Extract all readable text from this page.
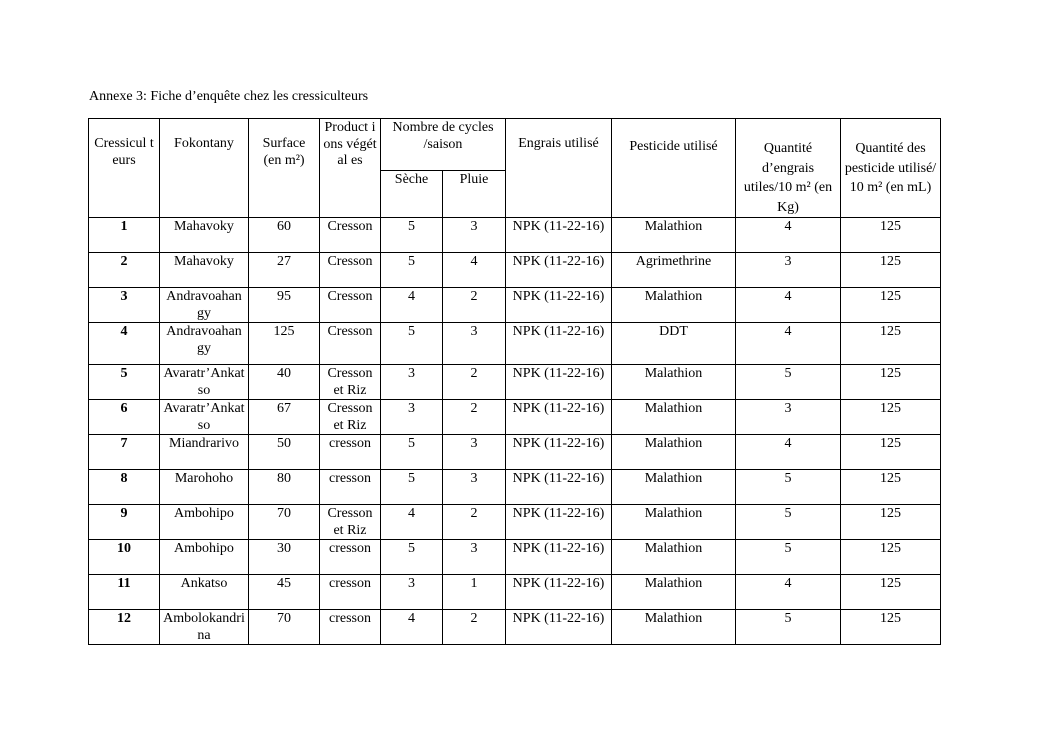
Annexe 3: Fiche d’enquête chez les cressiculteurs
Cressicul teurs	Fokontany	Surface (en m²)	Product ions végétal es	Nombre de cycles /saison		Engrais utilisé	Pesticide utilisé	Quantité d’engrais utiles/10 m² (en Kg)	Quantité des pesticide utilisé/ 10 m² (en mL)
				Sèche	Pluie				
1	Mahavoky	60	Cresson	5	3	NPK (11-22-16)	Malathion	4	125
2	Mahavoky	27	Cresson	5	4	NPK (11-22-16)	Agrimethrine	3	125
3	Andravoahangy	95	Cresson	4	2	NPK (11-22-16)	Malathion	4	125
4	Andravoahangy	125	Cresson	5	3	NPK (11-22-16)	DDT	4	125
5	Avaratr’Ankatso	40	Cresson et Riz	3	2	NPK (11-22-16)	Malathion	5	125
6	Avaratr’Ankatso	67	Cresson et Riz	3	2	NPK (11-22-16)	Malathion	3	125
7	Miandrarivo	50	cresson	5	3	NPK (11-22-16)	Malathion	4	125
8	Marohoho	80	cresson	5	3	NPK (11-22-16)	Malathion	5	125
9	Ambohipo	70	Cresson et Riz	4	2	NPK (11-22-16)	Malathion	5	125
10	Ambohipo	30	cresson	5	3	NPK (11-22-16)	Malathion	5	125
11	Ankatso	45	cresson	3	1	NPK (11-22-16)	Malathion	4	125
12	Ambolokandrina	70	cresson	4	2	NPK (11-22-16)	Malathion	5	125
